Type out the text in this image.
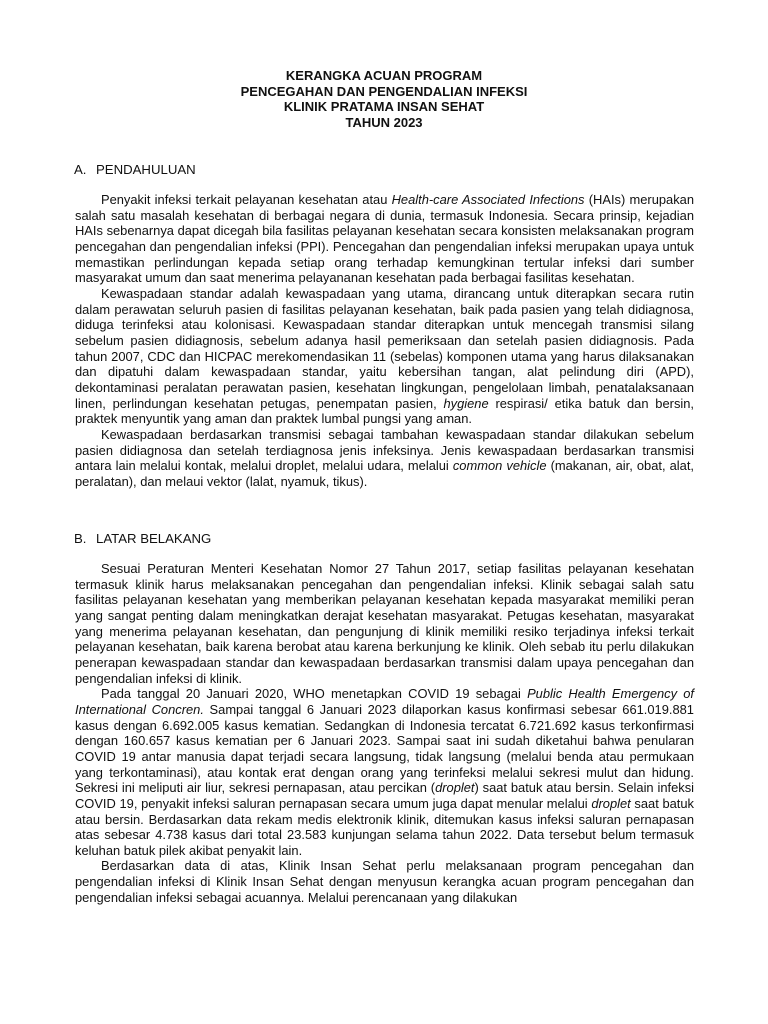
KERANGKA ACUAN PROGRAM
PENCEGAHAN DAN PENGENDALIAN INFEKSI
KLINIK PRATAMA INSAN SEHAT
TAHUN 2023
A. PENDAHULUAN

Penyakit infeksi terkait pelayanan kesehatan atau Health-care Associated Infections (HAIs) merupakan salah satu masalah kesehatan di berbagai negara di dunia, termasuk Indonesia. Secara prinsip, kejadian HAIs sebenarnya dapat dicegah bila fasilitas pelayanan kesehatan secara konsisten melaksanakan program pencegahan dan pengendalian infeksi (PPI). Pencegahan dan pengendalian infeksi merupakan upaya untuk memastikan perlindungan kepada setiap orang terhadap kemungkinan tertular infeksi dari sumber masyarakat umum dan saat menerima pelayananan kesehatan pada berbagai fasilitas kesehatan.

Kewaspadaan standar adalah kewaspadaan yang utama, dirancang untuk diterapkan secara rutin dalam perawatan seluruh pasien di fasilitas pelayanan kesehatan, baik pada pasien yang telah didiagnosa, diduga terinfeksi atau kolonisasi. Kewaspadaan standar diterapkan untuk mencegah transmisi silang sebelum pasien didiagnosis, sebelum adanya hasil pemeriksaan dan setelah pasien didiagnosis. Pada tahun 2007, CDC dan HICPAC merekomendasikan 11 (sebelas) komponen utama yang harus dilaksanakan dan dipatuhi dalam kewaspadaan standar, yaitu kebersihan tangan, alat pelindung diri (APD), dekontaminasi peralatan perawatan pasien, kesehatan lingkungan, pengelolaan limbah, penatalaksanaan linen, perlindungan kesehatan petugas, penempatan pasien, hygiene respirasi/ etika batuk dan bersin, praktek menyuntik yang aman dan praktek lumbal pungsi yang aman.

Kewaspadaan berdasarkan transmisi sebagai tambahan kewaspadaan standar dilakukan sebelum pasien didiagnosa dan setelah terdiagnosa jenis infeksinya. Jenis kewaspadaan berdasarkan transmisi antara lain melalui kontak, melalui droplet, melalui udara, melalui common vehicle (makanan, air, obat, alat, peralatan), dan melaui vektor (lalat, nyamuk, tikus).

B. LATAR BELAKANG

Sesuai Peraturan Menteri Kesehatan Nomor 27 Tahun 2017, setiap fasilitas pelayanan kesehatan termasuk klinik harus melaksanakan pencegahan dan pengendalian infeksi. Klinik sebagai salah satu fasilitas pelayanan kesehatan yang memberikan pelayanan kesehatan kepada masyarakat memiliki peran yang sangat penting dalam meningkatkan derajat kesehatan masyarakat. Petugas kesehatan, masyarakat yang menerima pelayanan kesehatan, dan pengunjung di klinik memiliki resiko terjadinya infeksi terkait pelayanan kesehatan, baik karena berobat atau karena berkunjung ke klinik. Oleh sebab itu perlu dilakukan penerapan kewaspadaan standar dan kewaspadaan berdasarkan transmisi dalam upaya pencegahan dan pengendalian infeksi di klinik.

Pada tanggal 20 Januari 2020, WHO menetapkan COVID 19 sebagai Public Health Emergency of International Concren. Sampai tanggal 6 Januari 2023 dilaporkan kasus konfirmasi sebesar 661.019.881 kasus dengan 6.692.005 kasus kematian. Sedangkan di Indonesia tercatat 6.721.692 kasus terkonfirmasi dengan 160.657 kasus kematian per 6 Januari 2023. Sampai saat ini sudah diketahui bahwa penularan COVID 19 antar manusia dapat terjadi secara langsung, tidak langsung (melalui benda atau permukaan yang terkontaminasi), atau kontak erat dengan orang yang terinfeksi melalui sekresi mulut dan hidung. Sekresi ini meliputi air liur, sekresi pernapasan, atau percikan (droplet) saat batuk atau bersin. Selain infeksi COVID 19, penyakit infeksi saluran pernapasan secara umum juga dapat menular melalui droplet saat batuk atau bersin. Berdasarkan data rekam medis elektronik klinik, ditemukan kasus infeksi saluran pernapasan atas sebesar 4.738 kasus dari total 23.583 kunjungan selama tahun 2022. Data tersebut belum termasuk keluhan batuk pilek akibat penyakit lain.

Berdasarkan data di atas, Klinik Insan Sehat perlu melaksanaan program pencegahan dan pengendalian infeksi di Klinik Insan Sehat dengan menyusun kerangka acuan program pencegahan dan pengendalian infeksi sebagai acuannya. Melalui perencanaan yang dilakukan
